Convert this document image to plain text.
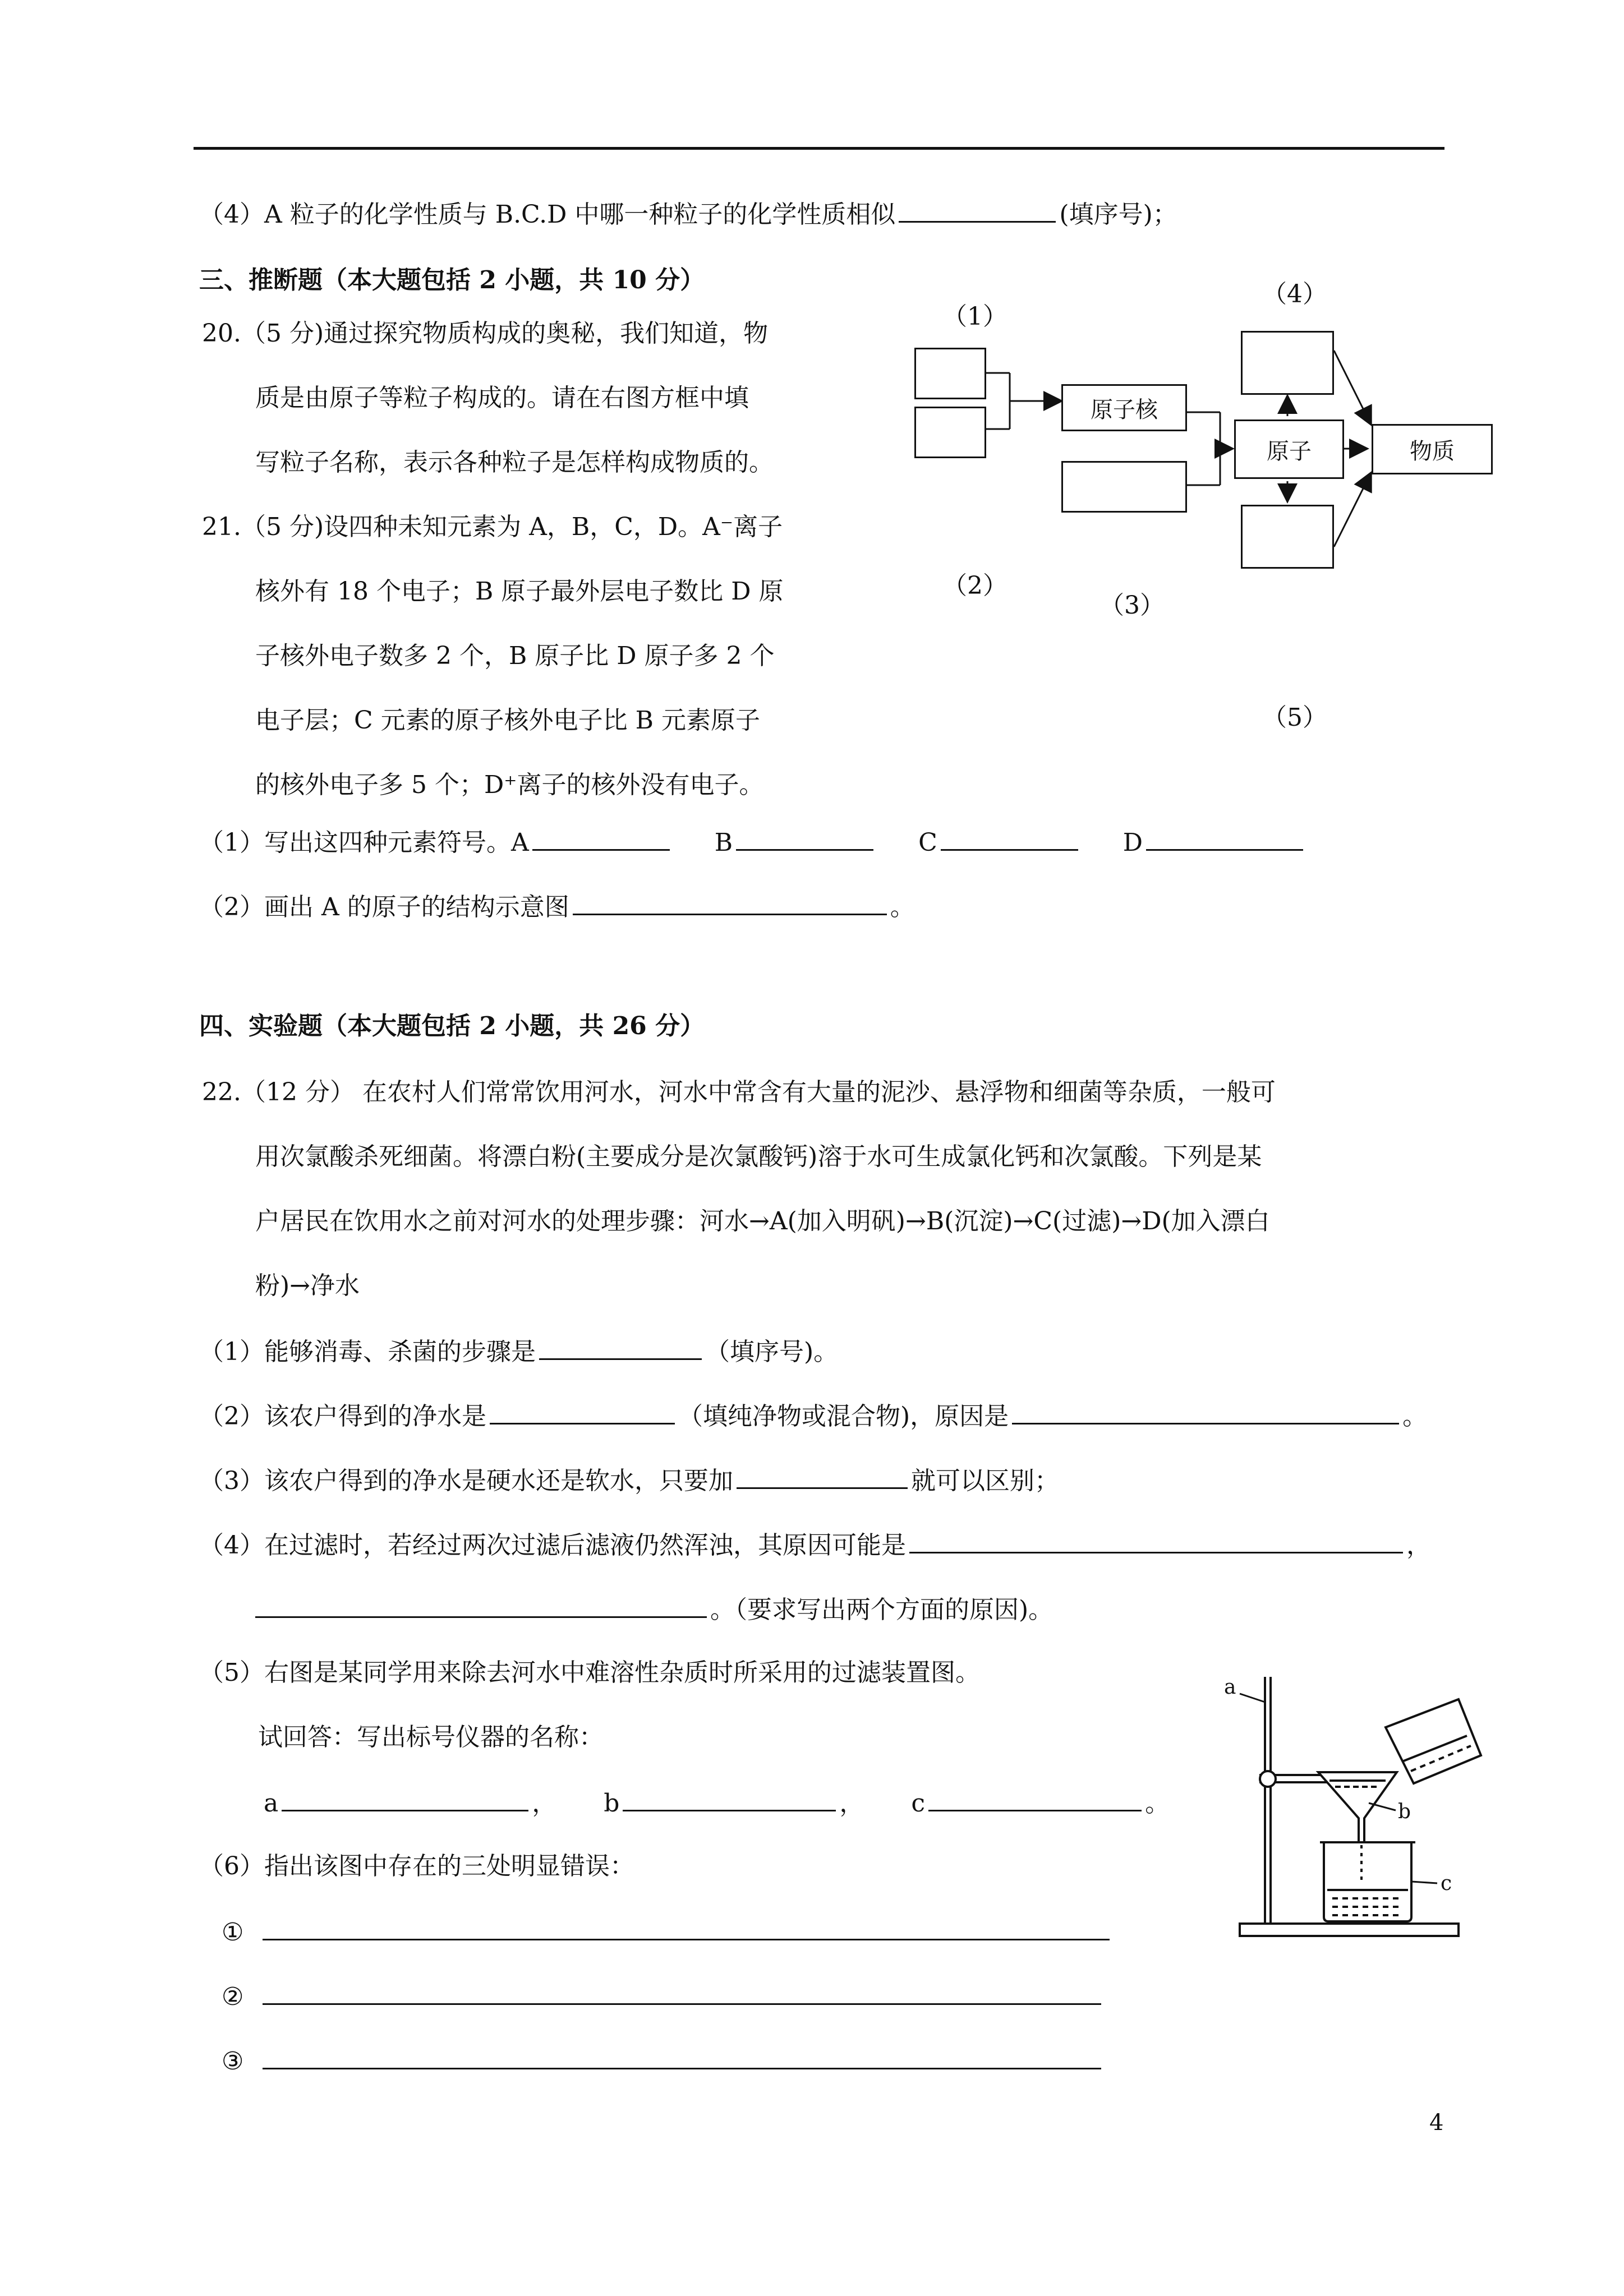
（4）A 粒子的化学性质与 B.C.D 中哪一种粒子的化学性质相似	(填序号)；
三、推断题（本大题包括 2 小题，共 10 分）
20.（5 分)通过探究物质构成的奥秘，我们知道，物
质是由原子等粒子构成的。请在右图方框中填
写粒子名称，表示各种粒子是怎样构成物质的。
21.（5 分)设四种未知元素为 A，B，C，D。A⁻离子
核外有 18 个电子；B 原子最外层电子数比 D 原
子核外电子数多 2 个，B 原子比 D 原子多 2 个
电子层；C 元素的原子核外电子比 B 元素原子
的核外电子多 5 个；D⁺离子的核外没有电子。
（1）写出这四种元素符号。A	B	C	D
（2）画出 A 的原子的结构示意图	。
（1）
（4）
（2）
（3）
（5）
原子核
原子	物质
四、实验题（本大题包括 2 小题，共 26 分）
22.（12 分） 在农村人们常常饮用河水，河水中常含有大量的泥沙、悬浮物和细菌等杂质，一般可
用次氯酸杀死细菌。将漂白粉(主要成分是次氯酸钙)溶于水可生成氯化钙和次氯酸。下列是某
户居民在饮用水之前对河水的处理步骤：河水→A(加入明矾)→B(沉淀)→C(过滤)→D(加入漂白
粉)→净水
（1）能够消毒、杀菌的步骤是	（填序号)。
（2）该农户得到的净水是	（填纯净物或混合物)，原因是	。
（3）该农户得到的净水是硬水还是软水，只要加	就可以区别；
（4）在过滤时，若经过两次过滤后滤液仍然浑浊，其原因可能是	，
。（要求写出两个方面的原因)。
（5）右图是某同学用来除去河水中难溶性杂质时所采用的过滤装置图。
试回答：写出标号仪器的名称：
a	， b	， c	。
（6）指出该图中存在的三处明显错误：
①
②
③
a
b
c
4
